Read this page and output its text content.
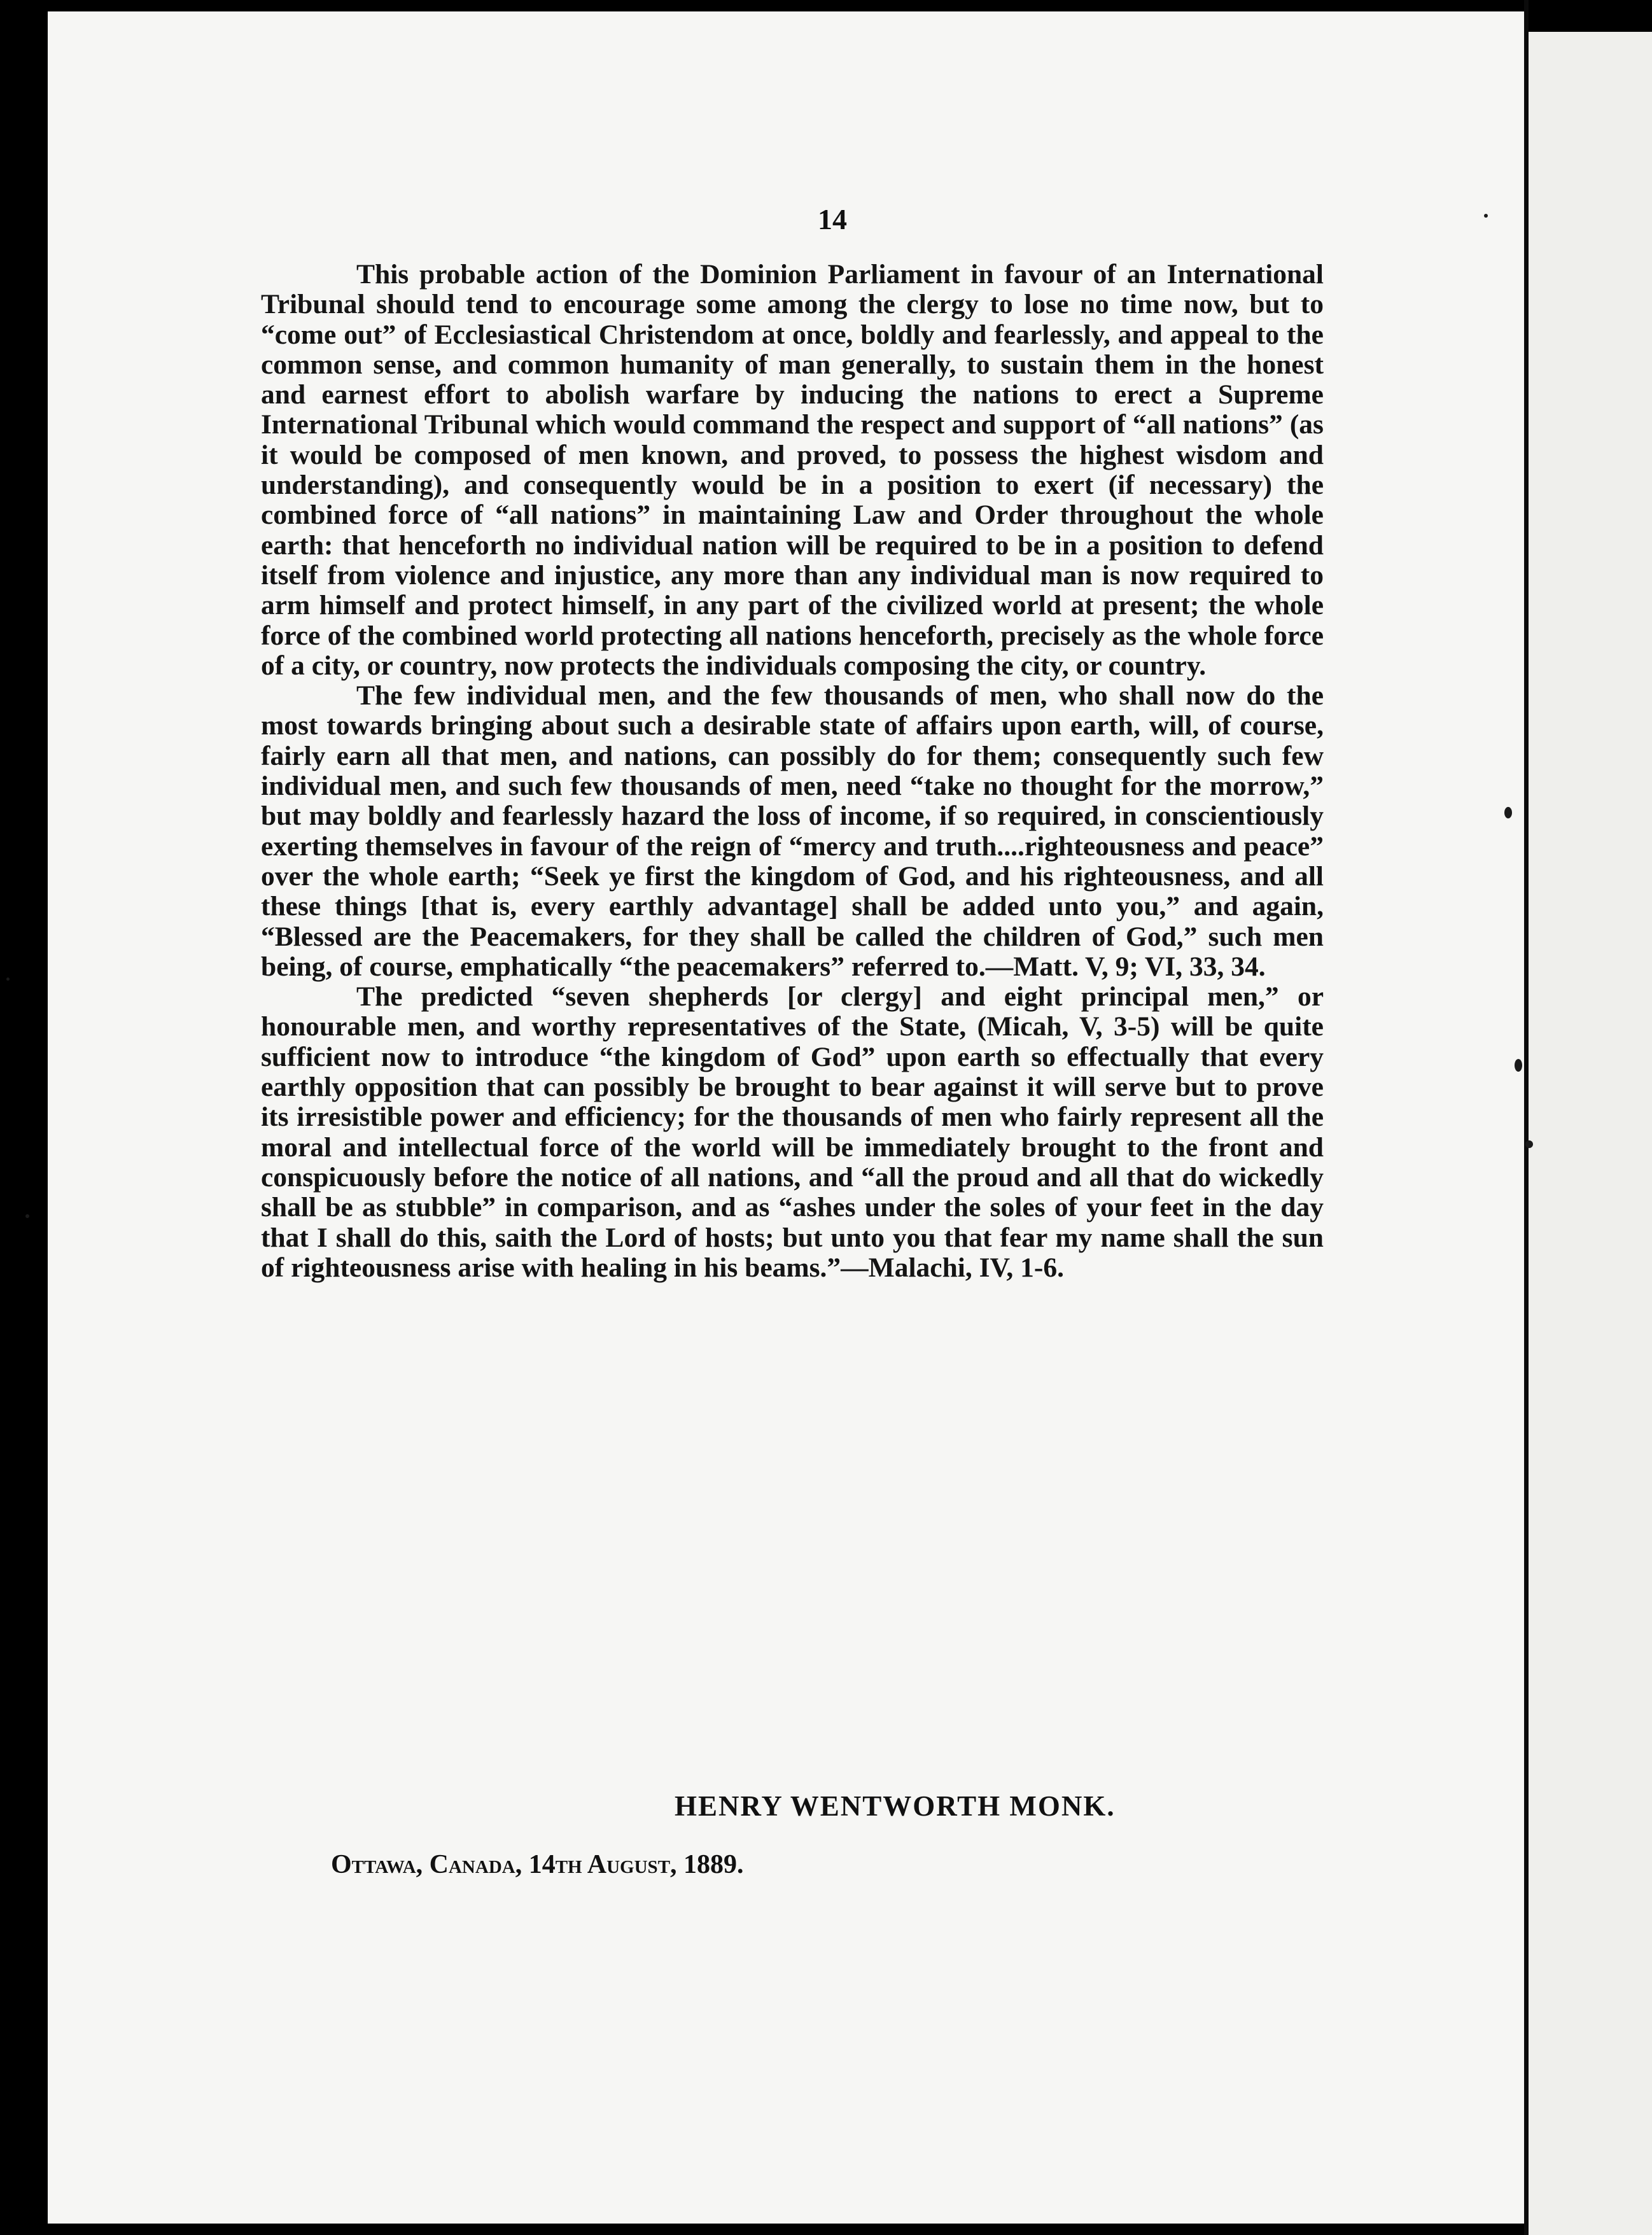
14

This probable action of the Dominion Parliament in favour of an International Tribunal should tend to encourage some among the clergy to lose no time now, but to “come out” of Ecclesiastical Christendom at once, boldly and fearlessly, and appeal to the common sense, and common humanity of man generally, to sustain them in the honest and earnest effort to abolish warfare by inducing the nations to erect a Supreme International Tribunal which would command the respect and support of “all nations” (as it would be composed of men known, and proved, to possess the highest wisdom and understanding), and consequently would be in a position to exert (if necessary) the combined force of “all nations” in maintaining Law and Order throughout the whole earth: that henceforth no individual nation will be required to be in a position to defend itself from violence and injustice, any more than any individual man is now required to arm himself and protect himself, in any part of the civilized world at present; the whole force of the combined world protecting all nations henceforth, precisely as the whole force of a city, or country, now protects the individuals composing the city, or country.

The few individual men, and the few thousands of men, who shall now do the most towards bringing about such a desirable state of affairs upon earth, will, of course, fairly earn all that men, and nations, can possibly do for them; consequently such few individual men, and such few thousands of men, need “take no thought for the morrow,” but may boldly and fearlessly hazard the loss of income, if so required, in conscientiously exerting themselves in favour of the reign of “mercy and truth....righteousness and peace” over the whole earth; “Seek ye first the kingdom of God, and his righteousness, and all these things [that is, every earthly advantage] shall be added unto you,” and again, “Blessed are the Peacemakers, for they shall be called the children of God,” such men being, of course, emphatically “the peacemakers” referred to.—Matt. V, 9; VI, 33, 34.

The predicted “seven shepherds [or clergy] and eight principal men,” or honourable men, and worthy representatives of the State, (Micah, V, 3-5) will be quite sufficient now to introduce “the kingdom of God” upon earth so effectually that every earthly opposition that can possibly be brought to bear against it will serve but to prove its irresistible power and efficiency; for the thousands of men who fairly represent all the moral and intellectual force of the world will be immediately brought to the front and conspicuously before the notice of all nations, and “all the proud and all that do wickedly shall be as stubble” in comparison, and as “ashes under the soles of your feet in the day that I shall do this, saith the Lord of hosts; but unto you that fear my name shall the sun of righteousness arise with healing in his beams.”—Malachi, IV, 1-6.

HENRY WENTWORTH MONK.

Ottawa, Canada, 14th August, 1889.
